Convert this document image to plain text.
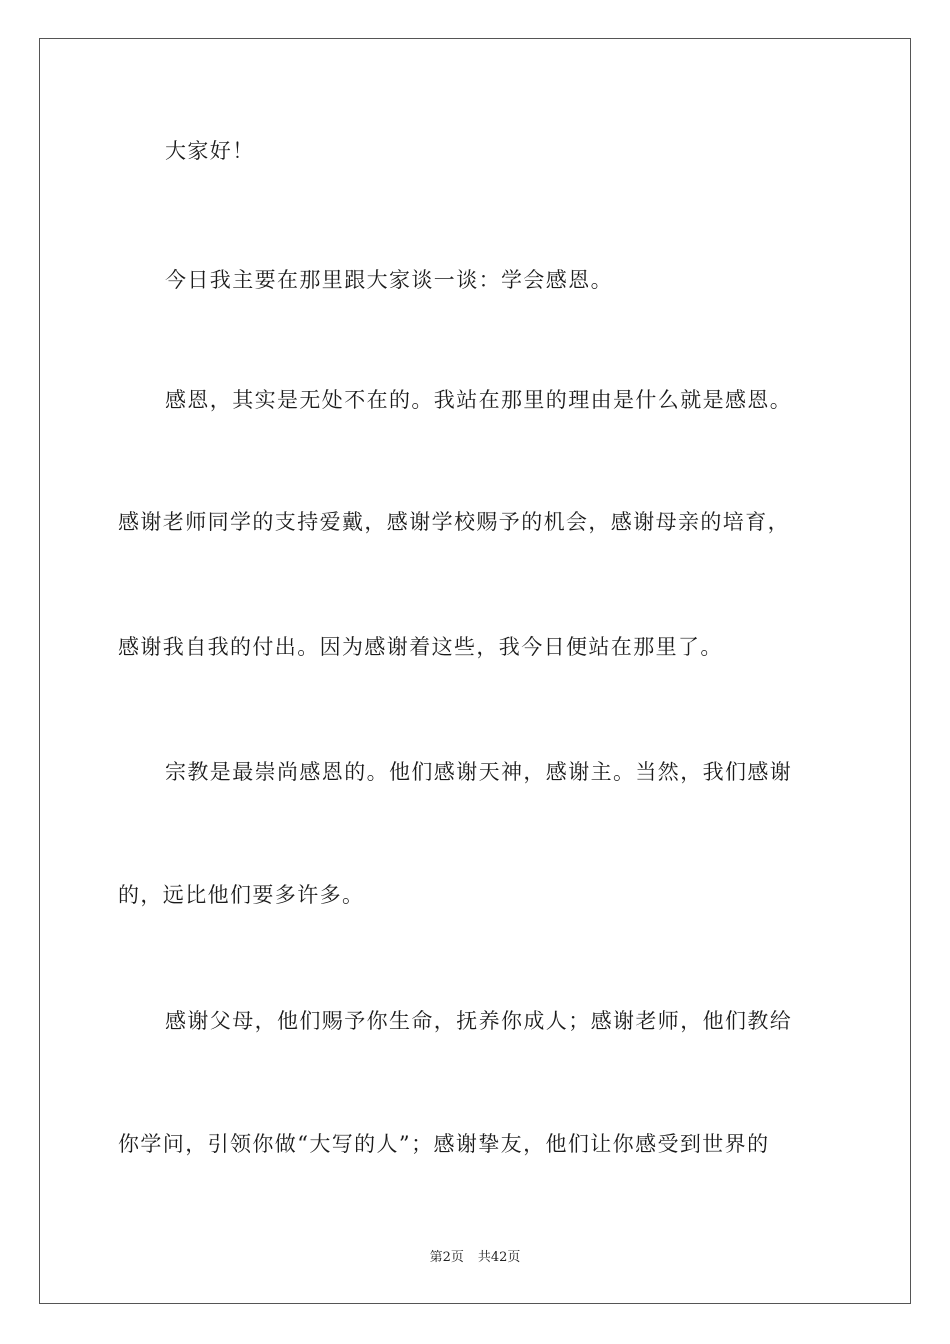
大家好！
今日我主要在那里跟大家谈一谈：学会感恩。
感恩，其实是无处不在的。我站在那里的理由是什么就是感恩。
感谢老师同学的支持爱戴，感谢学校赐予的机会，感谢母亲的培育，
感谢我自我的付出。因为感谢着这些，我今日便站在那里了。
宗教是最崇尚感恩的。他们感谢天神，感谢主。当然，我们感谢
的，远比他们要多许多。
感谢父母，他们赐予你生命，抚养你成人；感谢老师，他们教给
你学问，引领你做“大写的人”；感谢挚友，他们让你感受到世界的
第2页 共42页
